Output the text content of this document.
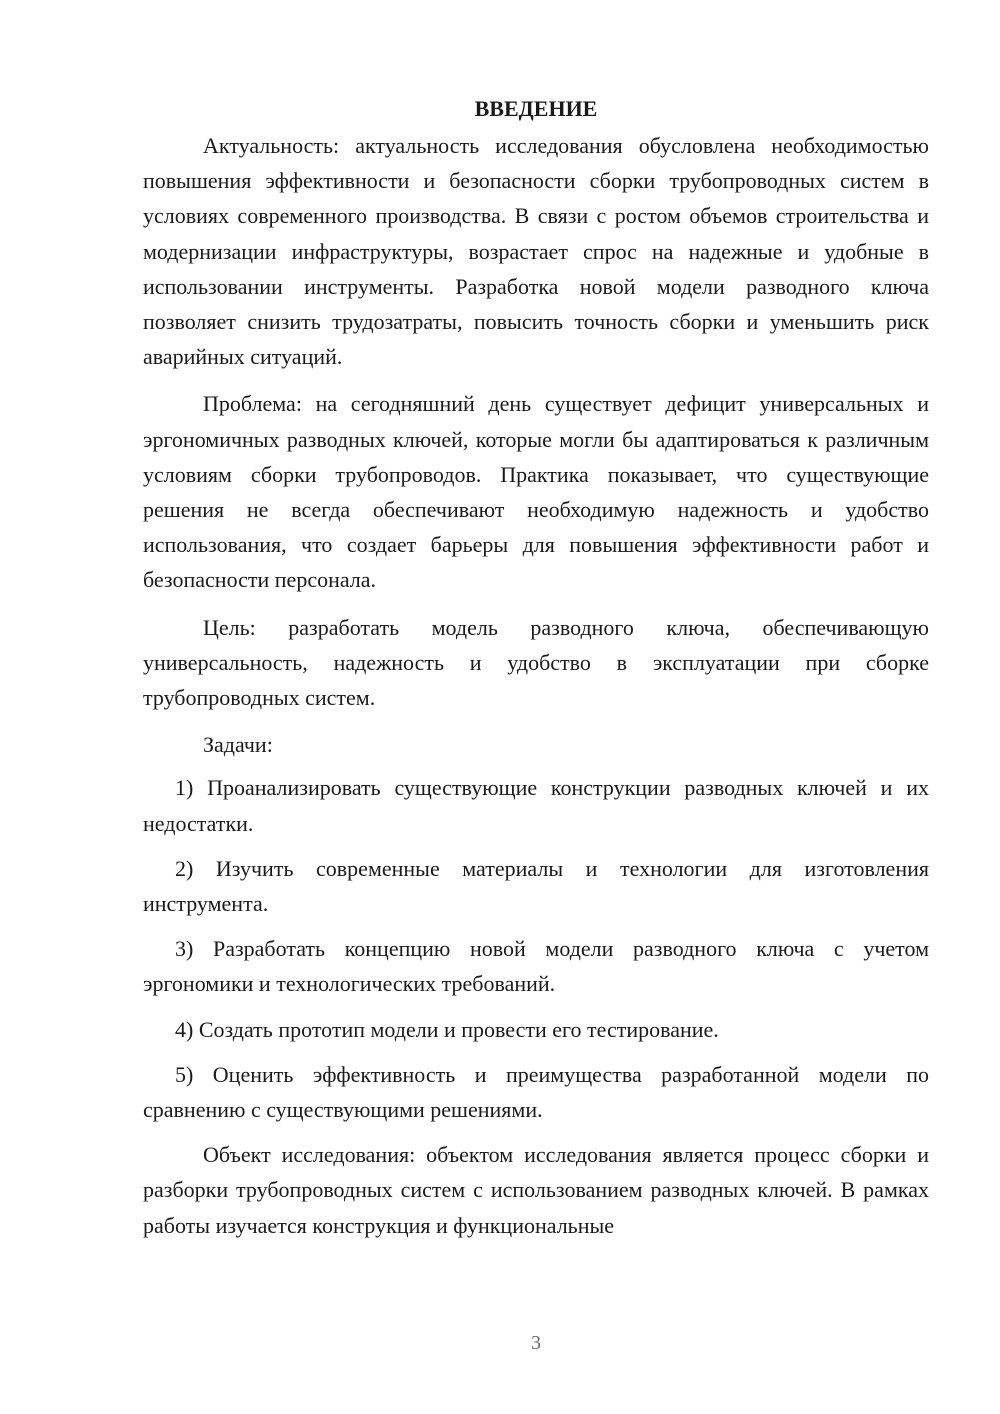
ВВЕДЕНИЕ

Актуальность: актуальность исследования обусловлена необходимостью повышения эффективности и безопасности сборки трубопроводных систем в условиях современного производства. В связи с ростом объемов строительства и модернизации инфраструктуры, возрастает спрос на надежные и удобные в использовании инструменты. Разработка новой модели разводного ключа позволяет снизить трудозатраты, повысить точность сборки и уменьшить риск аварийных ситуаций.

Проблема: на сегодняшний день существует дефицит универсальных и эргономичных разводных ключей, которые могли бы адаптироваться к различным условиям сборки трубопроводов. Практика показывает, что существующие решения не всегда обеспечивают необходимую надежность и удобство использования, что создает барьеры для повышения эффективности работ и безопасности персонала.

Цель: разработать модель разводного ключа, обеспечивающую универсальность, надежность и удобство в эксплуатации при сборке трубопроводных систем.

Задачи:

1) Проанализировать существующие конструкции разводных ключей и их недостатки.

2) Изучить современные материалы и технологии для изготовления инструмента.

3) Разработать концепцию новой модели разводного ключа с учетом эргономики и технологических требований.

4) Создать прототип модели и провести его тестирование.

5) Оценить эффективность и преимущества разработанной модели по сравнению с существующими решениями.

Объект исследования: объектом исследования является процесс сборки и разборки трубопроводных систем с использованием разводных ключей. В рамках работы изучается конструкция и функциональные

3
